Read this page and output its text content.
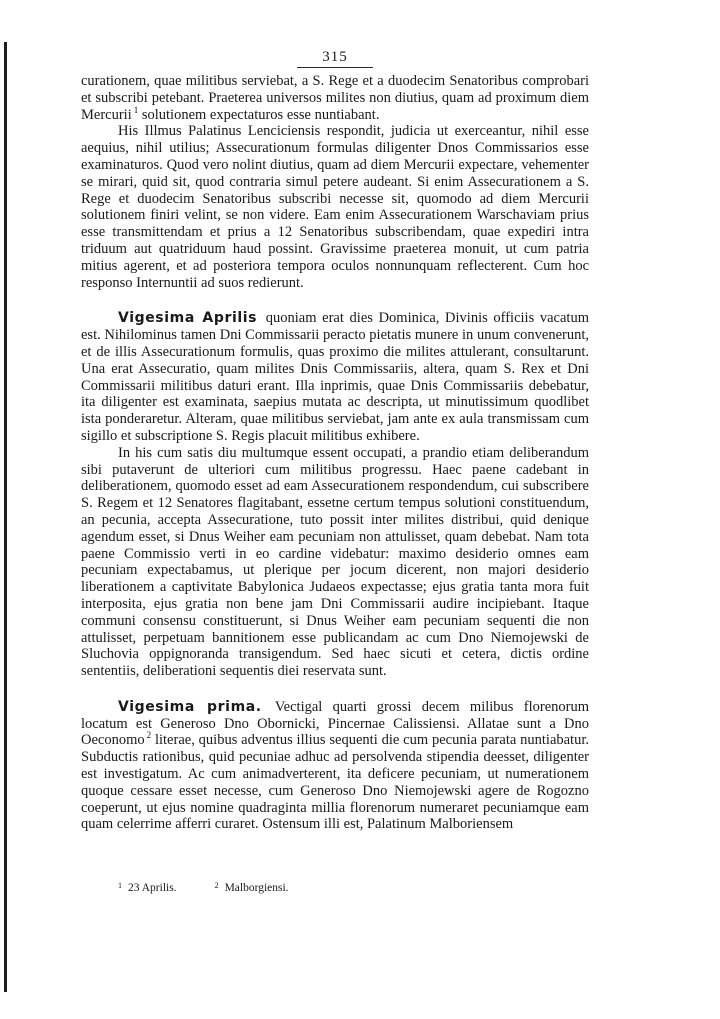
315

curationem, quae militibus serviebat, a S. Rege et a duodecim Senatoribus comprobari et subscribi petebant. Praeterea universos milites non diutius, quam ad proximum diem Mercurii $^1$ solutionem expectaturos esse nuntiabant.

His Illmus Palatinus Lenciciensis respondit, judicia ut exerceantur, nihil esse aequius, nihil utilius; Assecurationum formulas diligenter Dnos Commissarios esse examinaturos. Quod vero nolint diutius, quam ad diem Mercurii expectare, vehementer se mirari, quid sit, quod contraria simul petere audeant. Si enim Assecurationem a S. Rege et duodecim Senatoribus subscribi necesse sit, quomodo ad diem Mercurii solutionem finiri velint, se non videre. Eam enim Assecurationem Warschaviam prius esse transmittendam et prius a 12 Senatoribus subscribendam, quae expediri intra triduum aut quatriduum haud possint. Gravissime praeterea monuit, ut cum patria mitius agerent, et ad posteriora tempora oculos nonnunquam reflecterent. Cum hoc responso Internuntii ad suos redierunt.

Vigesima Aprilis quoniam erat dies Dominica, Divinis officiis vacatum est. Nihilominus tamen Dni Commissarii peracto pietatis munere in unum convenerunt, et de illis Assecurationum formulis, quas proximo die milites attulerant, consultarunt. Una erat Assecuratio, quam milites Dnis Commissariis, altera, quam S. Rex et Dni Commissarii militibus daturi erant. Illa inprimis, quae Dnis Commissariis debebatur, ita diligenter est examinata, saepius mutata ac descripta, ut minutissimum quodlibet ista ponderaretur. Alteram, quae militibus serviebat, jam ante ex aula transmissam cum sigillo et subscriptione S. Regis placuit militibus exhibere.

In his cum satis diu multumque essent occupati, a prandio etiam deliberandum sibi putaverunt de ulteriori cum militibus progressu. Haec paene cadebant in deliberationem, quomodo esset ad eam Assecurationem respondendum, cui subscribere S. Regem et 12 Senatores flagitabant, essetne certum tempus solutioni constituendum, an pecunia, accepta Assecuratione, tuto possit inter milites distribui, quid denique agendum esset, si Dnus Weiher eam pecuniam non attulisset, quam debebat. Nam tota paene Commissio verti in eo cardine videbatur: maximo desiderio omnes eam pecuniam expectabamus, ut plerique per jocum dicerent, non majori desiderio liberationem a captivitate Babylonica Judaeos expectasse; ejus gratia tanta mora fuit interposita, ejus gratia non bene jam Dni Commissarii audire incipiebant. Itaque communi consensu constituerunt, si Dnus Weiher eam pecuniam sequenti die non attulisset, perpetuam bannitionem esse publicandam ac cum Dno Niemojewski de Sluchovia oppignoranda transigendum. Sed haec sicuti et cetera, dictis ordine sententiis, deliberationi sequentis diei reservata sunt.

Vigesima prima. Vectigal quarti grossi decem milibus florenorum locatum est Generoso Dno Obornicki, Pincernae Calissiensi. Allatae sunt a Dno Oeconomo $^2$ literae, quibus adventus illius sequenti die cum pecunia parata nuntiabatur. Subductis rationibus, quid pecuniae adhuc ad persolvenda stipendia deesset, diligenter est investigatum. Ac cum animadverterent, ita deficere pecuniam, ut numerationem quoque cessare esset necesse, cum Generoso Dno Niemojewski agere de Rogozno coeperunt, ut ejus nomine quadraginta millia florenorum numeraret pecuniamque eam quam celerrime afferri curaret. Ostensum illi est, Palatinum Malboriensem

$^1$ 23 Aprilis.	$^2$ Malborgiensi.
